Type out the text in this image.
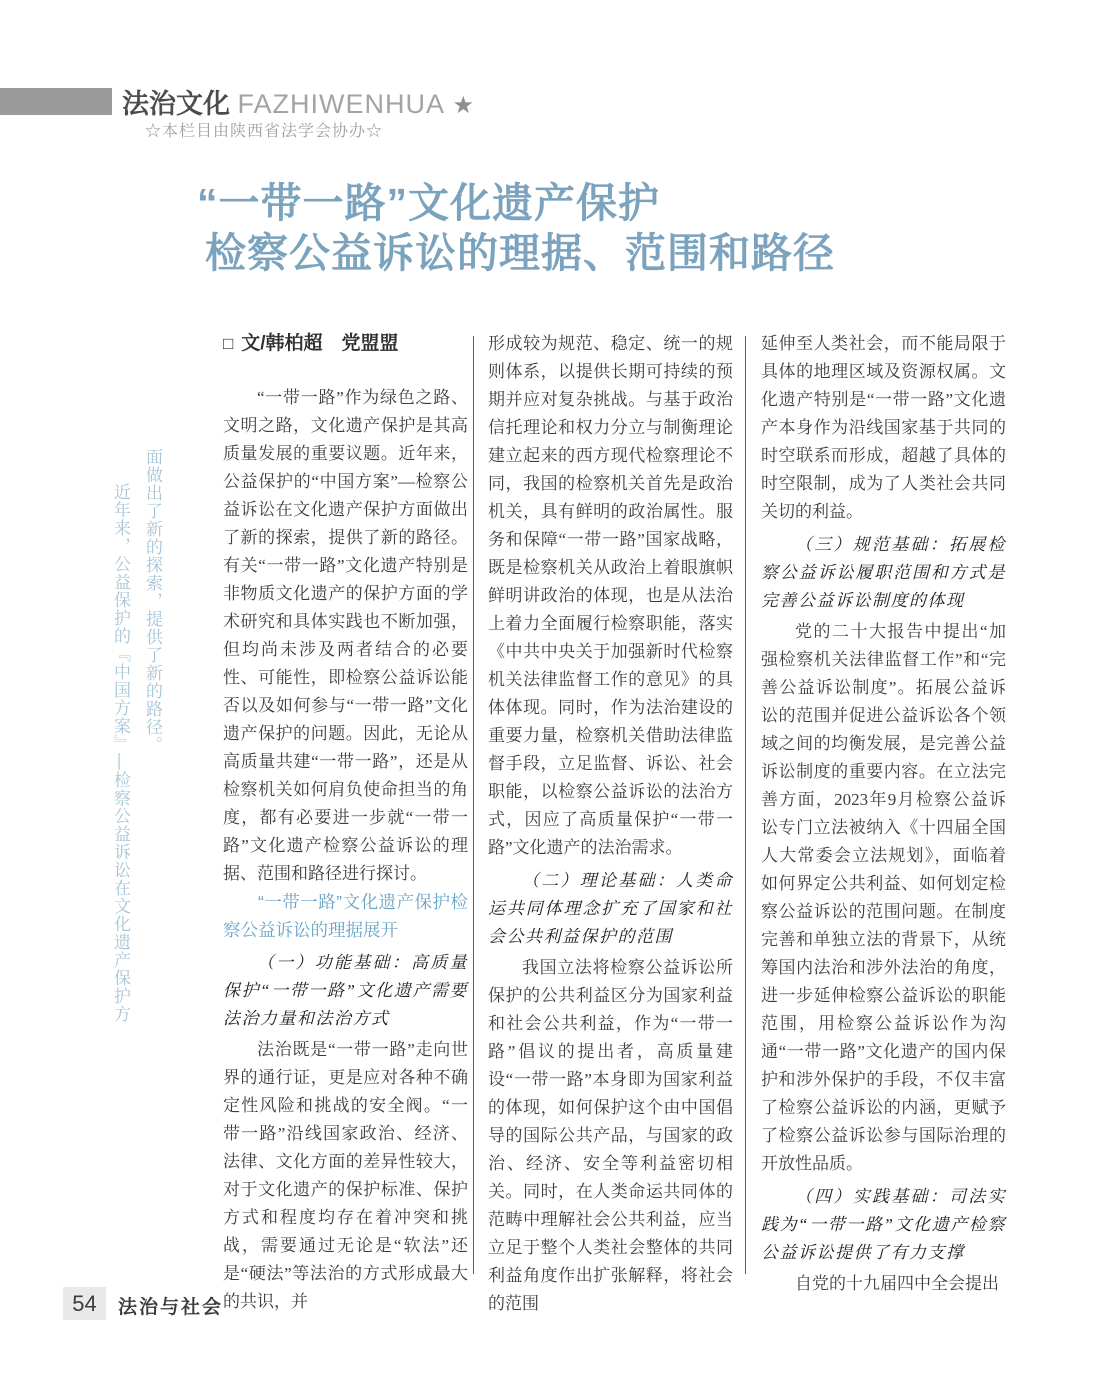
法治文化 FAZHIWENHUA ★
☆本栏目由陕西省法学会协办☆
“一带一路”文化遗产保护
检察公益诉讼的理据、范围和路径
面做出了新的探索，提供了新的路径。
近年来，公益保护的『中国方案』—检察公益诉讼在文化遗产保护方
□ 文/韩柏超　党盟盟

“一带一路”作为绿色之路、文明之路，文化遗产保护是其高质量发展的重要议题。近年来，公益保护的“中国方案”—检察公益诉讼在文化遗产保护方面做出了新的探索，提供了新的路径。有关“一带一路”文化遗产特别是非物质文化遗产的保护方面的学术研究和具体实践也不断加强，但均尚未涉及两者结合的必要性、可能性，即检察公益诉讼能否以及如何参与“一带一路”文化遗产保护的问题。因此，无论从高质量共建“一带一路”，还是从检察机关如何肩负使命担当的角度，都有必要进一步就“一带一路”文化遗产检察公益诉讼的理据、范围和路径进行探讨。

“一带一路”文化遗产保护检察公益诉讼的理据展开

（一）功能基础：高质量保护“一带一路”文化遗产需要法治力量和法治方式

法治既是“一带一路”走向世界的通行证，更是应对各种不确定性风险和挑战的安全阀。“一带一路”沿线国家政治、经济、法律、文化方面的差异性较大，对于文化遗产的保护标准、保护方式和程度均存在着冲突和挑战，需要通过无论是“软法”还是“硬法”等法治的方式形成最大的共识，并

形成较为规范、稳定、统一的规则体系，以提供长期可持续的预期并应对复杂挑战。与基于政治信托理论和权力分立与制衡理论建立起来的西方现代检察理论不同，我国的检察机关首先是政治机关，具有鲜明的政治属性。服务和保障“一带一路”国家战略，既是检察机关从政治上着眼旗帜鲜明讲政治的体现，也是从法治上着力全面履行检察职能，落实《中共中央关于加强新时代检察机关法律监督工作的意见》的具体体现。同时，作为法治建设的重要力量，检察机关借助法律监督手段，立足监督、诉讼、社会职能，以检察公益诉讼的法治方式，因应了高质量保护“一带一路”文化遗产的法治需求。

（二）理论基础：人类命运共同体理念扩充了国家和社会公共利益保护的范围

我国立法将检察公益诉讼所保护的公共利益区分为国家利益和社会公共利益，作为“一带一路”倡议的提出者，高质量建设“一带一路”本身即为国家利益的体现，如何保护这个由中国倡导的国际公共产品，与国家的政治、经济、安全等利益密切相关。同时，在人类命运共同体的范畴中理解社会公共利益，应当立足于整个人类社会整体的共同利益角度作出扩张解释，将社会的范围

延伸至人类社会，而不能局限于具体的地理区域及资源权属。文化遗产特别是“一带一路”文化遗产本身作为沿线国家基于共同的时空联系而形成，超越了具体的时空限制，成为了人类社会共同关切的利益。

（三）规范基础：拓展检察公益诉讼履职范围和方式是完善公益诉讼制度的体现

党的二十大报告中提出“加强检察机关法律监督工作”和“完善公益诉讼制度”。拓展公益诉讼的范围并促进公益诉讼各个领域之间的均衡发展，是完善公益诉讼制度的重要内容。在立法完善方面，2023年9月检察公益诉讼专门立法被纳入《十四届全国人大常委会立法规划》，面临着如何界定公共利益、如何划定检察公益诉讼的范围问题。在制度完善和单独立法的背景下，从统筹国内法治和涉外法治的角度，进一步延伸检察公益诉讼的职能范围，用检察公益诉讼作为沟通“一带一路”文化遗产的国内保护和涉外保护的手段，不仅丰富了检察公益诉讼的内涵，更赋予了检察公益诉讼参与国际治理的开放性品质。

（四）实践基础：司法实践为“一带一路”文化遗产检察公益诉讼提供了有力支撑

自党的十九届四中全会提出

54	法治与社会
